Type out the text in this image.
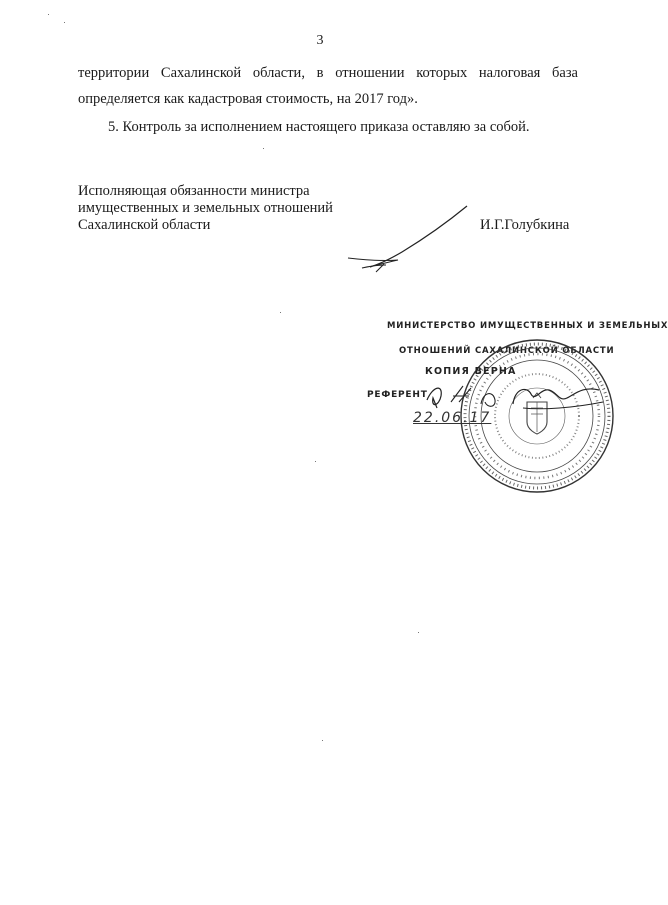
3
территории Сахалинской области, в отношении которых налоговая база
определяется как кадастровая стоимость, на 2017 год».
5. Контроль за исполнением настоящего приказа оставляю за собой.
Исполняющая обязанности министра
имущественных и земельных отношений
Сахалинской области	И.Г.Голубкина
МИНИСТЕРСТВО ИМУЩЕСТВЕННЫХ И ЗЕМЕЛЬНЫХ
ОТНОШЕНИЙ САХАЛИНСКОЙ ОБЛАСТИ
КОПИЯ ВЕРНА
РЕФЕРЕНТ
22.06.17
